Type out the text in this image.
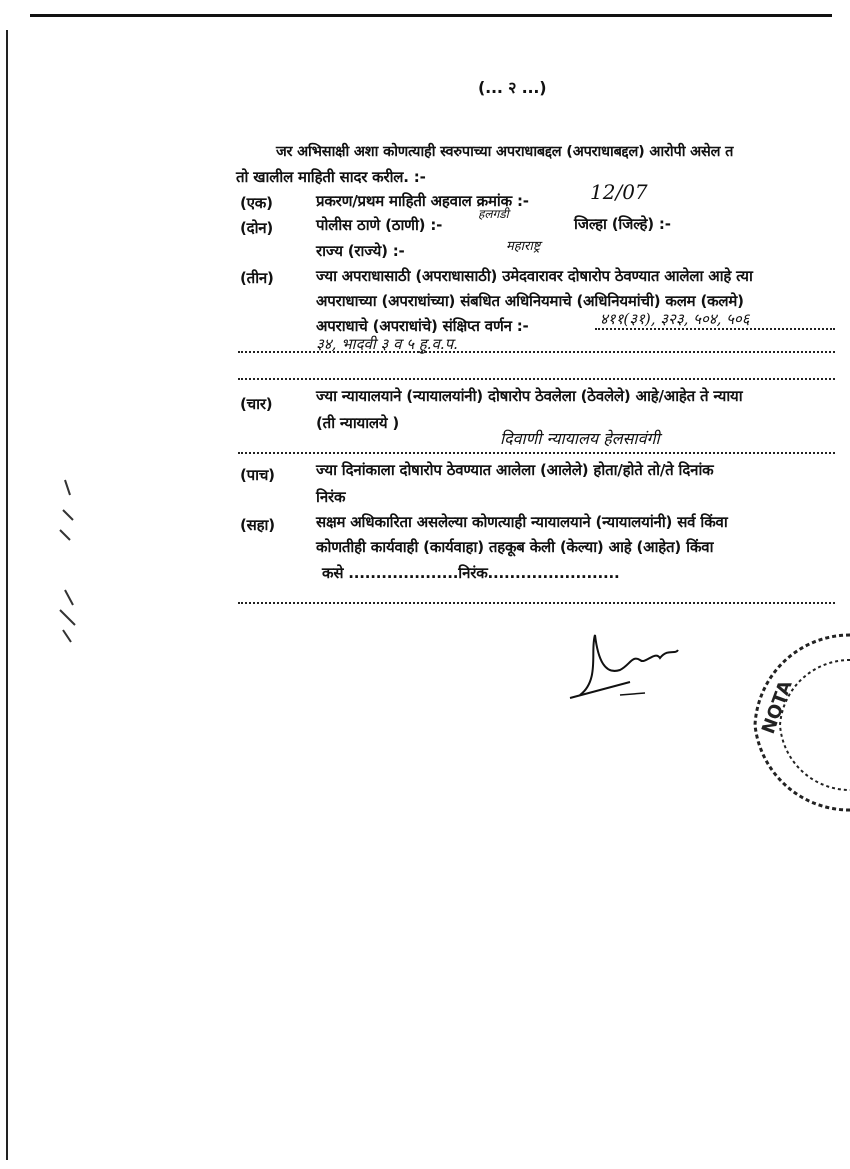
(... २ ...)
जर अभिसाक्षी अशा कोणत्याही स्वरुपाच्या अपराधाबद्दल (अपराधाबद्दल) आरोपी असेल त
तो खालील माहिती सादर करील. :-
(एक)	प्रकरण/प्रथम माहिती अहवाल क्रमांक :-	12/07
(दोन)	पोलीस ठाणे (ठाणी) :-
हलगडी
जिल्हा (जिल्हे) :-
राज्य (राज्ये) :-	महाराष्ट्र
(तीन)	ज्या अपराधासाठी (अपराधासाठी) उमेदवारावर दोषारोप ठेवण्यात आलेला आहे त्या
अपराधाच्या (अपराधांच्या) संबधित अधिनियमाचे (अधिनियमांची) कलम (कलमे)
अपराधाचे (अपराधांचे) संक्षिप्त वर्णन :-	४११(३१), ३२३, ५०४, ५०६
३४, भादवी ३ व ५ हु.व.प.
(चार)	ज्या न्यायालयाने (न्यायालयांनी) दोषारोप ठेवलेला (ठेवलेले) आहे/आहेत ते न्याया
(ती न्यायालये )
दिवाणी न्यायालय हेलसावंगी
(पाच)	ज्या दिनांकाला दोषारोप ठेवण्यात आलेला (आलेले) होता/होते तो/ते दिनांक
निरंक
(सहा)	सक्षम अधिकारिता असलेल्या कोणत्याही न्यायालयाने (न्यायालयांनी) सर्व किंवा
कोणतीही कार्यवाही (कार्यवाहा) तहकूब केली (केल्या) आहे (आहेत) किंवा
कसे ....................निरंक........................
NOTA
